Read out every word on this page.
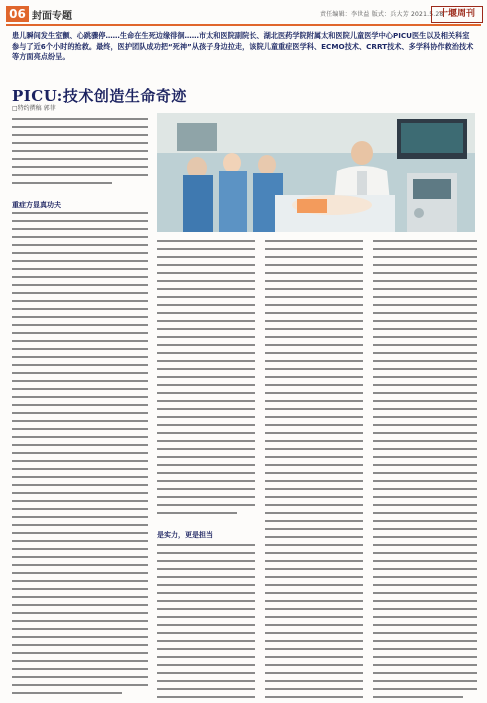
06 封面专题	责任编辑：李世益 版式：兵大芳 2021.5.28
十堰周刊
患儿瞬间发生室颤、心跳骤停……生命在生死边缘徘徊……市太和医院副院长、湖北医药学院附属太和医院儿童医学中心PICU医生以及相关科室参与了近6个小时的抢救。最终，医护团队成功把“死神”从孩子身边拉走，该院儿童重症医学科、ECMO技术、CRRT技术、多学科协作救治技术等方面亮点纷呈。
PICU:技术创造生命奇迹
□特约撰稿 郭菲
重症方显真功夫
是实力，更是担当
